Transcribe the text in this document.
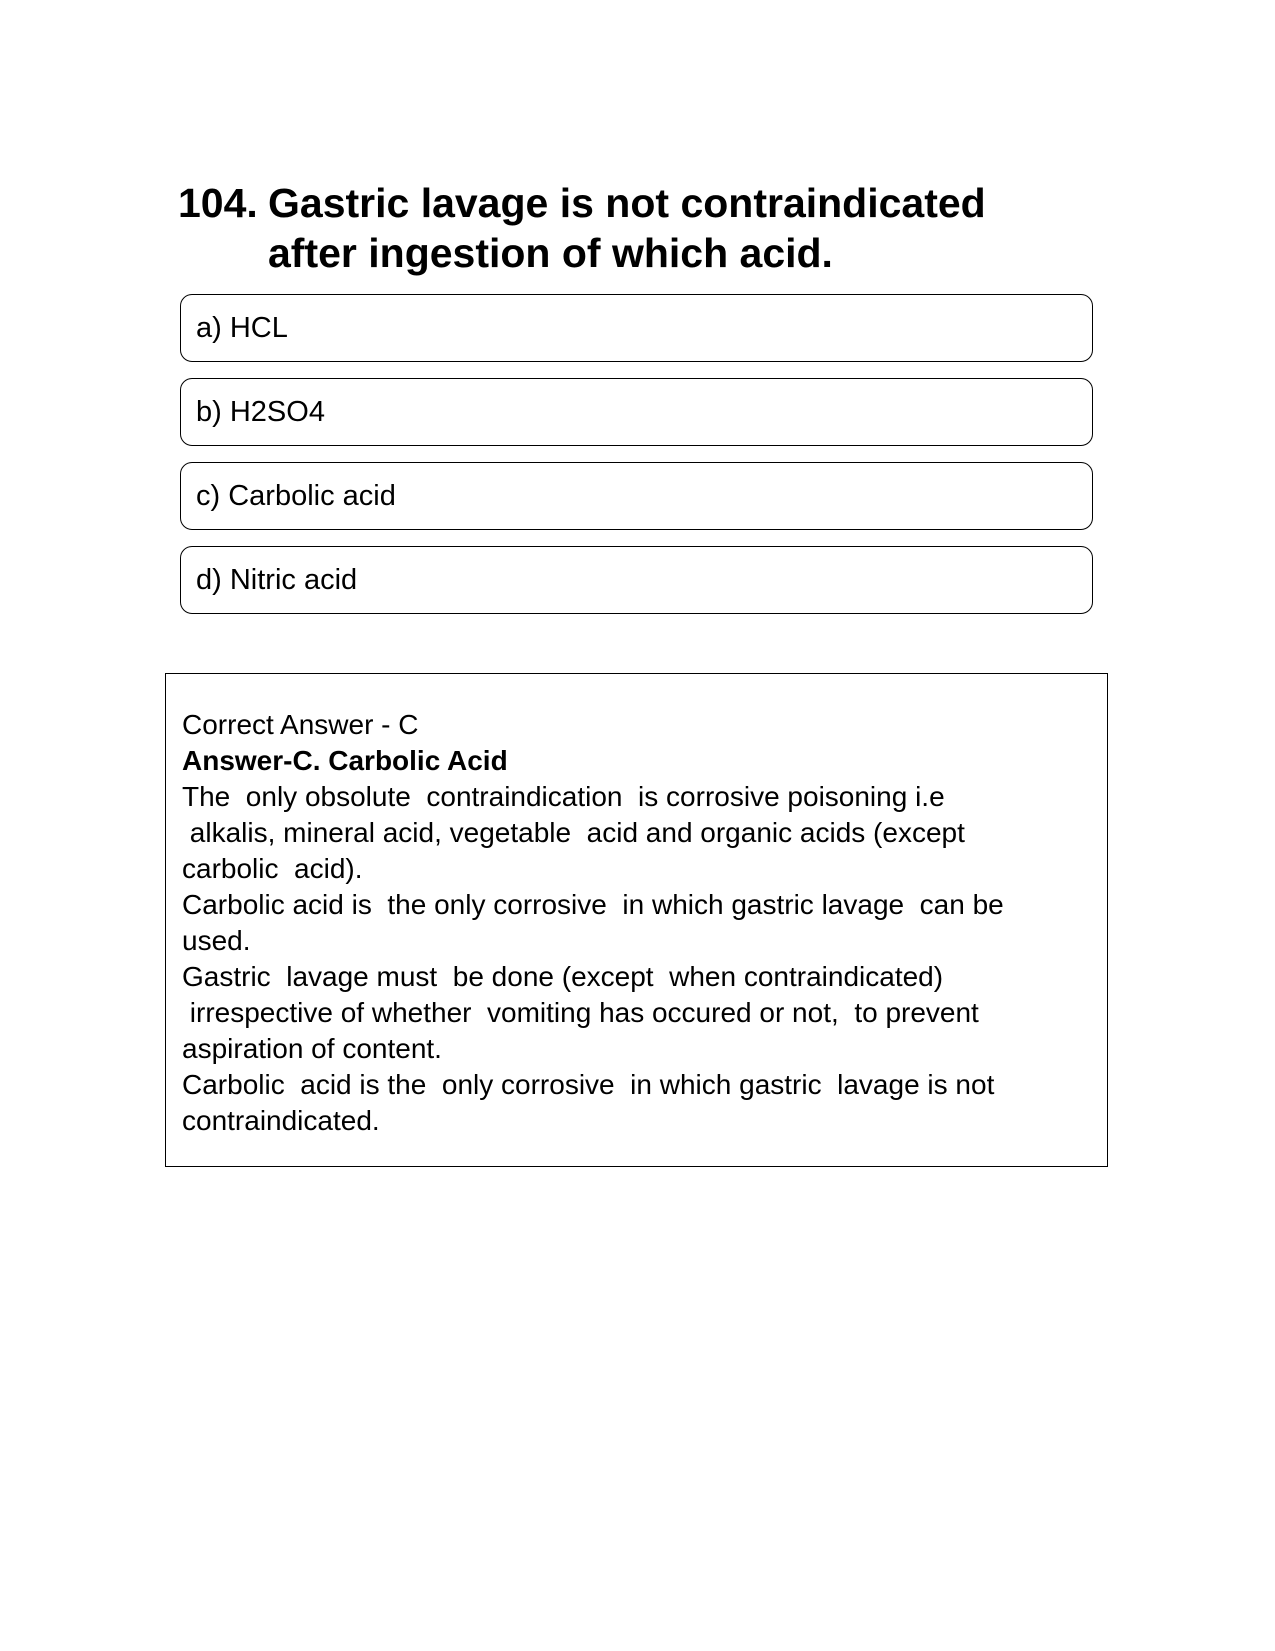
104. Gastric lavage is not contraindicated after ingestion of which acid.
a) HCL
b) H2SO4
c) Carbolic acid
d) Nitric acid
Correct Answer - C
Answer-C. Carbolic Acid
The  only obsolute  contraindication  is corrosive poisoning i.e
alkalis, mineral acid, vegetable  acid and organic acids (except
carbolic  acid).
Carbolic acid is  the only corrosive  in which gastric lavage  can be
used.
Gastric  lavage must  be done (except  when contraindicated)
irrespective of whether  vomiting has occured or not,  to prevent
aspiration of content.
Carbolic  acid is the  only corrosive  in which gastric  lavage is not
contraindicated.
